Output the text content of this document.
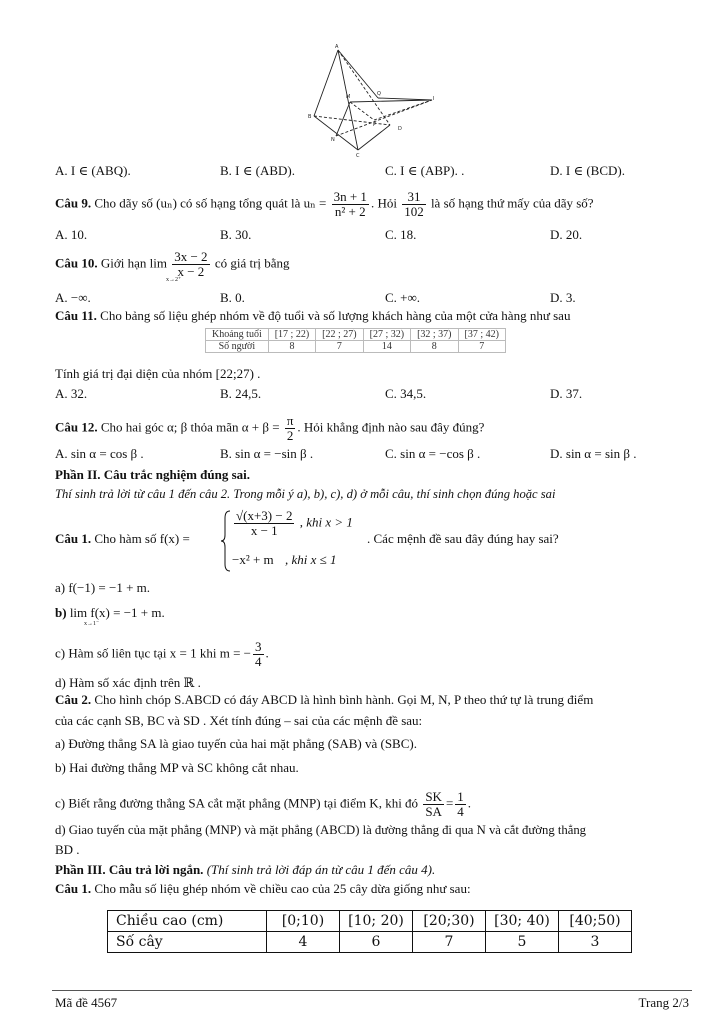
A
M	Q
I
B
P
D
N
C
A. I ∈ (ABQ).	B. I ∈ (ABD).	C. I ∈ (ABP). .	D. I ∈ (BCD).
Câu 9. Cho dãy số (uₙ) có số hạng tổng quát là $u_n = \frac{3n + 1}{\text{n² + 2}}$ . Hỏi $\frac{31}{102}$ là số hạng thứ mấy của dãy số?
A. 10.	B. 30.	C. 18.	D. 20.
Câu 10. Giới hạn $\lim \frac{3x - 2}{x - 2}$ có giá trị bằng
x→2⁺
A. −∞.	B. 0.	C. +∞.	D. 3.
Câu 11. Cho bảng số liệu ghép nhóm về độ tuổi và số lượng khách hàng của một cửa hàng như sau
Khoảng tuổi	[17 ; 22)	[22 ; 27)	[27 ; 32)	[32 ; 37)	[37 ; 42)
Số người	8	7	14	8	7
Tính giá trị đại diện của nhóm [22;27) .
A. 32.	B. 24,5.	C. 34,5.	D. 37.
Câu 12. Cho hai góc α; β thỏa mãn $\alpha + \beta = \frac{\pi}{2}$ . Hỏi khẳng định nào sau đây đúng?
A. sin α = cos β .	B. sin α = −sin β .	C. sin α = −cos β .	D. sin α = sin β .
Phần II. Câu trắc nghiệm đúng sai.
Thí sinh trả lời từ câu 1 đến câu 2. Trong mỗi ý a), b), c), d) ở mỗi câu, thí sinh chọn đúng hoặc sai
Câu 1. Cho hàm số f(x) =
$\frac{√(x+3) - 2}{x - 1}$ , khi x > 1
−x² + m , khi x ≤ 1
. Các mệnh đề sau đây đúng hay sai?
a) f(−1) = −1 + m.
b) lim f(x) = −1 + m.
x→1⁻
c) Hàm số liên tục tại x = 1 khi m = − $\frac{3}{4}$ .
d) Hàm số xác định trên ℝ .
Câu 2. Cho hình chóp S.ABCD có đáy ABCD là hình bình hành. Gọi M, N, P theo thứ tự là trung điểm
của các cạnh SB, BC và SD . Xét tính đúng – sai của các mệnh đề sau:
a) Đường thẳng SA là giao tuyến của hai mặt phẳng (SAB) và (SBC).
b) Hai đường thẳng MP và SC không cắt nhau.
c) Biết rằng đường thẳng SA cắt mặt phẳng (MNP) tại điểm K, khi đó $\frac{SK}{SA} = \frac{1}{4}$ .
d) Giao tuyến của mặt phẳng (MNP) và mặt phẳng (ABCD) là đường thẳng đi qua N và cắt đường thẳng
BD .
Phần III. Câu trả lời ngắn. (Thí sinh trả lời đáp án từ câu 1 đến câu 4).
Câu 1. Cho mẫu số liệu ghép nhóm về chiều cao của 25 cây dừa giống như sau:
Chiều cao (cm)	[0;10)	[10; 20)	[20;30)	[30; 40)	[40;50)
Số cây	4	6	7	5	3
Mã đề 4567	Trang 2/3
